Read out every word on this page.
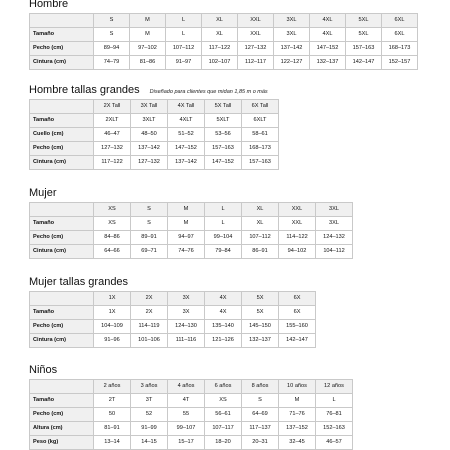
Hombre
	S	M	L	XL	XXL	3XL	4XL	5XL	6XL
Tamaño	S	M	L	XL	XXL	3XL	4XL	5XL	6XL
Pecho (cm)	89–94	97–102	107–112	117–122	127–132	137–142	147–152	157–163	168–173
Cintura (cm)	74–79	81–86	91–97	102–107	112–117	122–127	132–137	142–147	152–157
Hombre tallas grandes Diseñado para clientes que midan 1,85 m o más
	2X Tall	3X Tall	4X Tall	5X Tall	6X Tall
Tamaño	2XLT	3XLT	4XLT	5XLT	6XLT
Cuello (cm)	46–47	48–50	51–52	53–56	58–61
Pecho (cm)	127–132	137–142	147–152	157–163	168–173
Cintura (cm)	117–122	127–132	137–142	147–152	157–163
Mujer
	XS	S	M	L	XL	XXL	3XL
Tamaño	XS	S	M	L	XL	XXL	3XL
Pecho (cm)	84–86	89–91	94–97	99–104	107–112	114–122	124–132
Cintura (cm)	64–66	69–71	74–76	79–84	86–91	94–102	104–112
Mujer tallas grandes
	1X	2X	3X	4X	5X	6X
Tamaño	1X	2X	3X	4X	5X	6X
Pecho (cm)	104–109	114–119	124–130	135–140	145–150	155–160
Cintura (cm)	91–96	101–106	111–116	121–126	132–137	142–147
Niños
	2 años	3 años	4 años	6 años	8 años	10 años	12 años
Tamaño	2T	3T	4T	XS	S	M	L
Pecho (cm)	50	52	55	56–61	64–69	71–76	76–81
Altura (cm)	81–91	91–99	99–107	107–117	117–137	137–152	152–163
Peso (kg)	13–14	14–15	15–17	18–20	20–31	32–45	46–57
